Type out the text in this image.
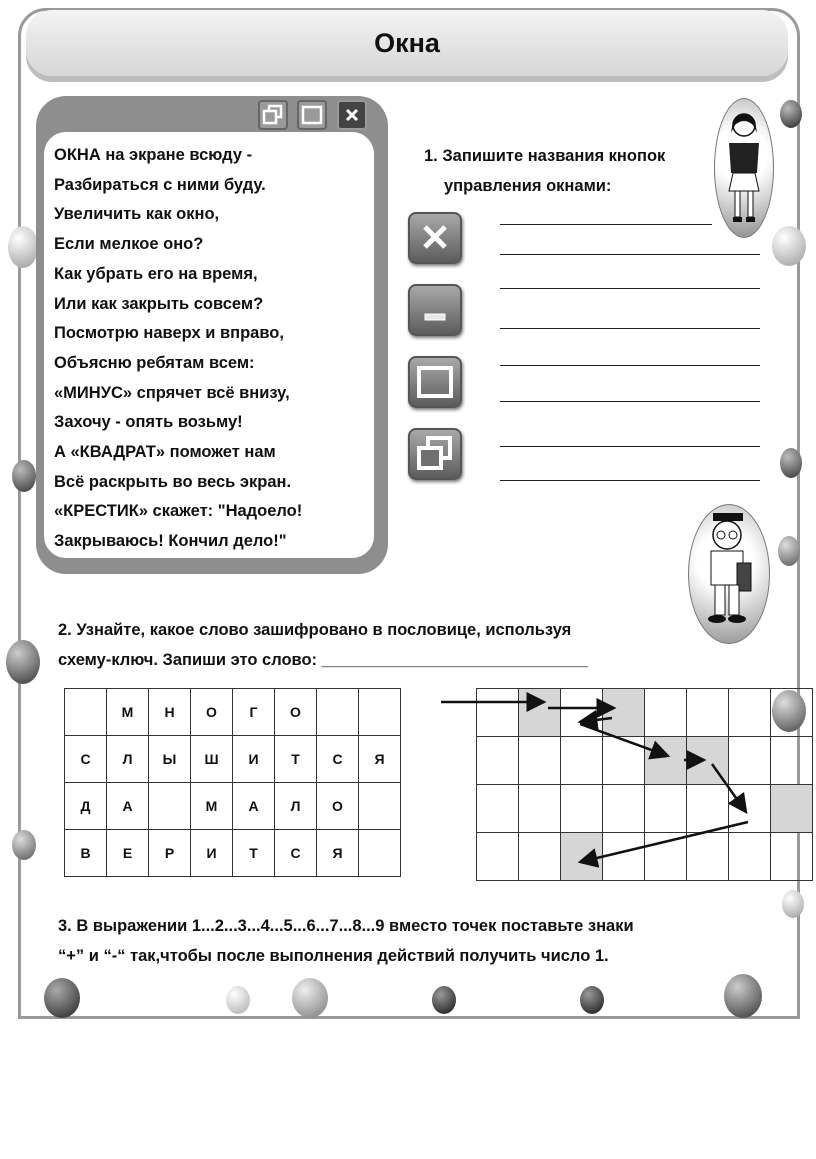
Окна
ОКНА на экране всюду -
Разбираться с ними буду.
Увеличить как окно,
Если мелкое оно?
Как убрать его на время,
Или как закрыть совсем?
Посмотрю наверх и вправо,
Объясню ребятам всем:
«МИНУС» спрячет всё внизу,
Захочу - опять возьму!
А «КВАДРАТ» поможет нам
Всё раскрыть во весь экран.
«КРЕСТИК» скажет: "Надоело!
Закрываюсь! Кончил дело!"
1. Запишите названия кнопок
управления окнами:
2. Узнайте, какое слово зашифровано в пословице, используя
схему-ключ. Запиши это слово: _____________________________
	М	Н	О	Г	О		
С	Л	Ы	Ш	И	Т	С	Я
Д	А		М	А	Л	О	
В	Е	Р	И	Т	С	Я	

3. В выражении 1...2...3...4...5...6...7...8...9 вместо точек поставьте знаки
“+” и “-“ так,чтобы после выполнения действий получить число 1.
